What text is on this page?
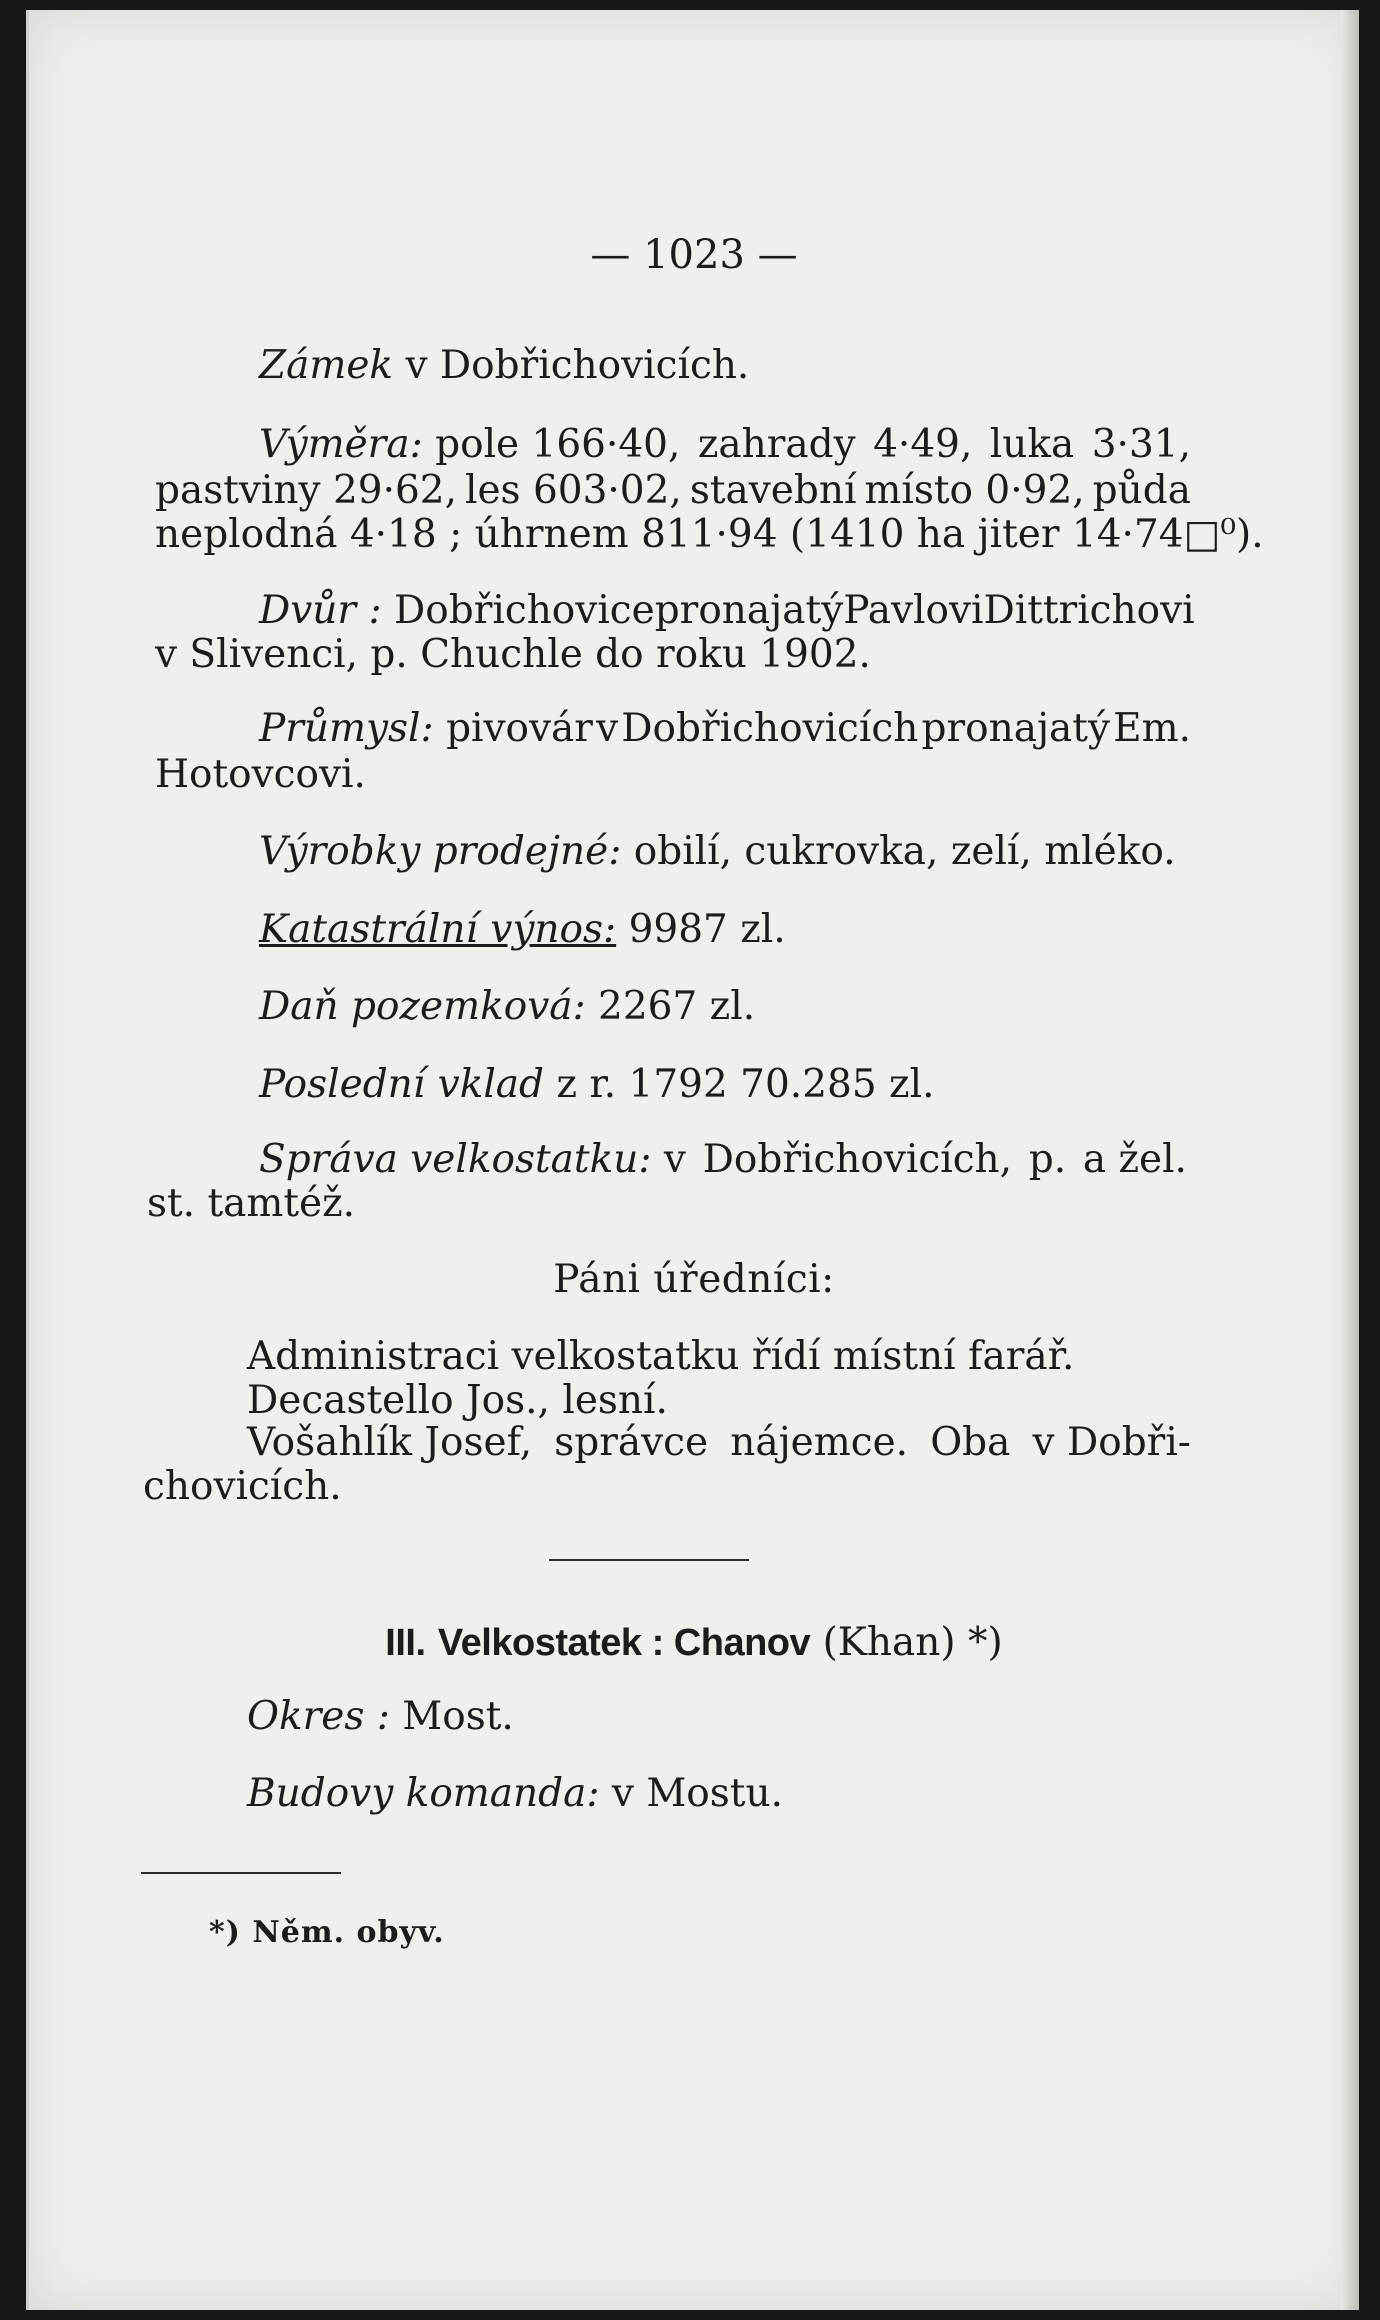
— 1023 —
Zámek v Dobřichovicích.
Výměra: pole 166·40, zahrady 4·49, luka 3·31,
pastviny 29·62, les 603·02, stavební místo 0·92, půda
neplodná 4·18 ; úhrnem 811·94 (1410 ha jiter 14·74□⁰).
Dvůr : Dobřichovice pronajatý Pavlovi Dittrichovi
v Slivenci, p. Chuchle do roku 1902.
Průmysl: pivovár v Dobřichovicích pronajatý Em.
Hotovcovi.
Výrobky prodejné: obilí, cukrovka, zelí, mléko.
Katastrální výnos: 9987 zl.
Daň pozemková: 2267 zl.
Poslední vklad z r. 1792 70.285 zl.
Správa velkostatku: v Dobřichovicích, p. a žel.
st. tamtéž.
Páni úředníci:
Administraci velkostatku řídí místní farář.
Decastello Jos., lesní.
Vošahlík Josef, správce nájemce. Oba v Dobři-
chovicích.
III. Velkostatek : Chanov (Khan) *)
Okres : Most.
Budovy komanda: v Mostu.
*) Něm. obyv.
